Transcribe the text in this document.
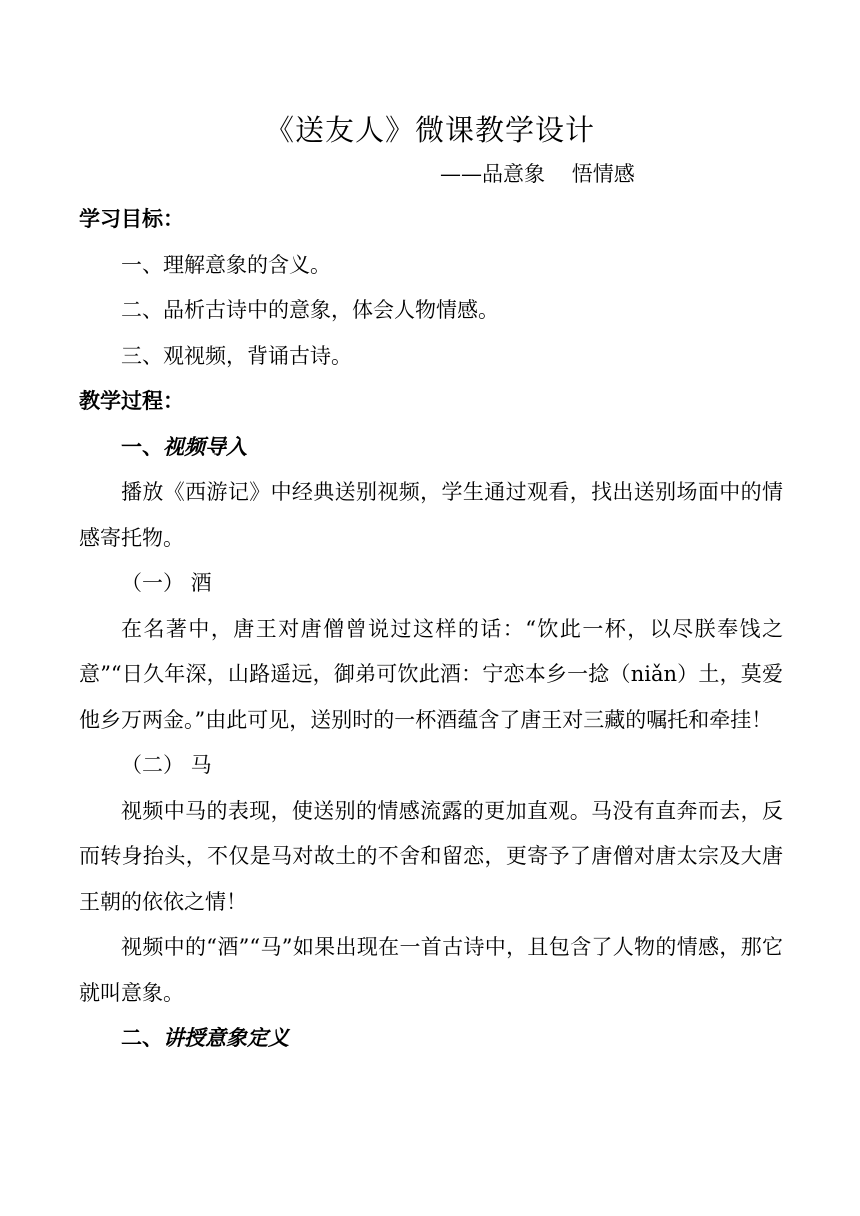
《送友人》微课教学设计
——品意象    悟情感

学习目标：

一、理解意象的含义。

二、品析古诗中的意象，体会人物情感。

三、观视频，背诵古诗。

教学过程：

一、视频导入

播放《西游记》中经典送别视频，学生通过观看，找出送别场面中的情感寄托物。

（一） 酒

在名著中，唐王对唐僧曾说过这样的话：“饮此一杯，以尽朕奉饯之意”“日久年深，山路遥远，御弟可饮此酒：宁恋本乡一捻（niǎn）土，莫爱他乡万两金。”由此可见，送别时的一杯酒蕴含了唐王对三藏的嘱托和牵挂！

（二） 马

视频中马的表现，使送别的情感流露的更加直观。马没有直奔而去，反而转身抬头，不仅是马对故土的不舍和留恋，更寄予了唐僧对唐太宗及大唐王朝的依依之情！

视频中的“酒”“马”如果出现在一首古诗中，且包含了人物的情感，那它就叫意象。

二、讲授意象定义
